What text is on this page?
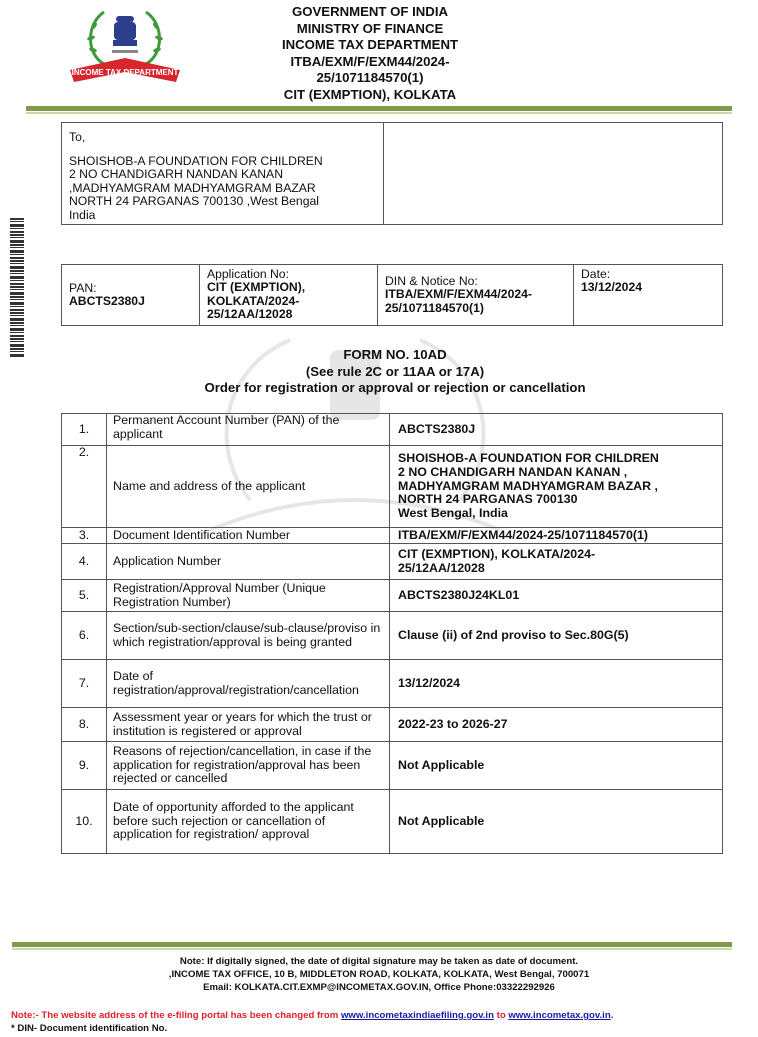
INCOME TAX DEPARTMENT
GOVERNMENT OF INDIA
MINISTRY OF FINANCE
INCOME TAX DEPARTMENT
ITBA/EXM/F/EXM44/2024-
25/1071184570(1)
CIT (EXMPTION), KOLKATA
To,
SHOISHOB-A FOUNDATION FOR CHILDREN
2 NO CHANDIGARH NANDAN KANAN
,MADHYAMGRAM MADHYAMGRAM BAZAR
NORTH 24 PARGANAS 700130 ,West Bengal
India
PAN:
ABCTS2380J
Application No:
CIT (EXMPTION),
KOLKATA/2024-
25/12AA/12028
DIN & Notice No:
ITBA/EXM/F/EXM44/2024-
25/1071184570(1)
Date:
13/12/2024
FORM NO. 10AD
(See rule 2C or 11AA or 17A)
Order for registration or approval or rejection or cancellation
1.	Permanent Account Number (PAN) of the applicant	ABCTS2380J

2.	Name and address of the applicant	SHOISHOB-A FOUNDATION FOR CHILDREN
2 NO CHANDIGARH NANDAN KANAN ,
MADHYAMGRAM MADHYAMGRAM BAZAR ,
NORTH 24 PARGANAS 700130
West Bengal, India

3.	Document Identification Number	ITBA/EXM/F/EXM44/2024-25/1071184570(1)

4.	Application Number	CIT (EXMPTION), KOLKATA/2024-
25/12AA/12028

5.	Registration/Approval Number (Unique Registration Number)	ABCTS2380J24KL01

6.	Section/sub-section/clause/sub-clause/proviso in which registration/approval is being granted	Clause (ii) of 2nd proviso to Sec.80G(5)

7.	Date of registration/approval/registration/cancellation	13/12/2024

8.	Assessment year or years for which the trust or institution is registered or approval	2022-23 to 2026-27

9.	Reasons of rejection/cancellation, in case if the application for registration/approval has been rejected or cancelled	Not Applicable

10.	Date of opportunity afforded to the applicant before such rejection or cancellation of application for registration/ approval	Not Applicable
Note: If digitally signed, the date of digital signature may be taken as date of document.
,INCOME TAX OFFICE, 10 B, MIDDLETON ROAD, KOLKATA, KOLKATA, West Bengal, 700071
Email: KOLKATA.CIT.EXMP@INCOMETAX.GOV.IN, Office Phone:03322292926
Note:- The website address of the e-filing portal has been changed from www.incometaxindiaefiling.gov.in to www.incometax.gov.in.
* DIN- Document identification No.
